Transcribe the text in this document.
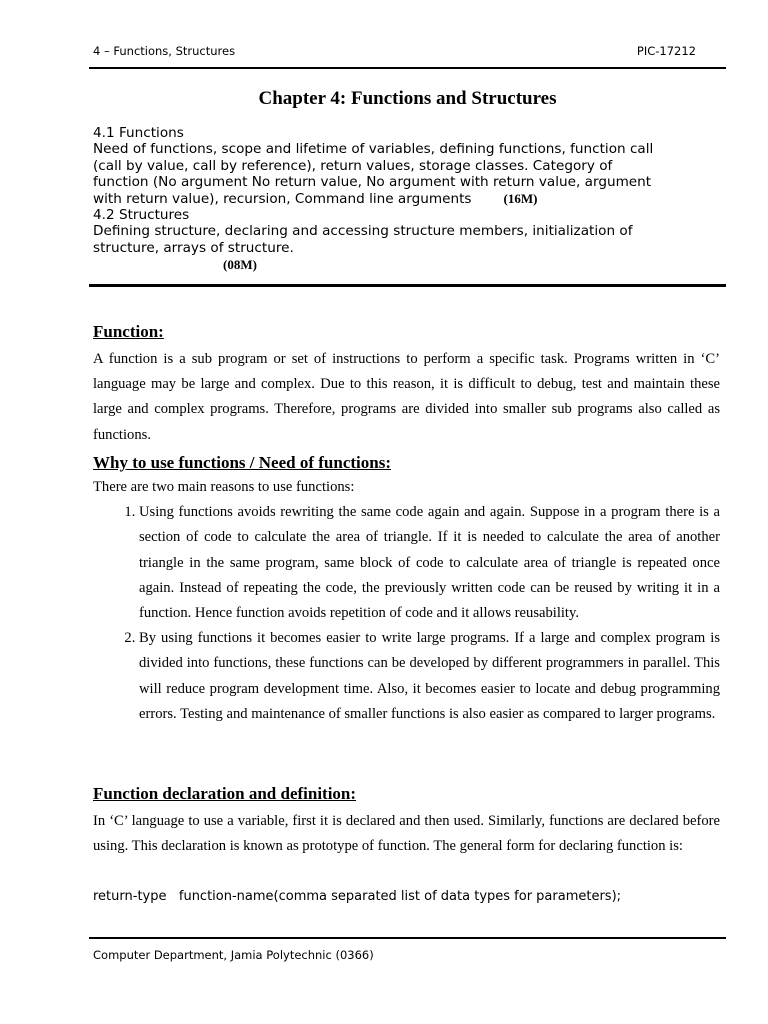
4 – Functions, Structures	PIC-17212
Chapter 4: Functions and Structures
4.1 Functions
Need of functions, scope and lifetime of variables, defining functions, function call
(call by value, call by reference), return values, storage classes. Category of
function (No argument No return value, No argument with return value, argument
with return value), recursion, Command line arguments (16M)
4.2 Structures
Defining structure, declaring and accessing structure members, initialization of
structure, arrays of structure.
(08M)
Function:

A function is a sub program or set of instructions to perform a specific task. Programs written in ‘C’ language may be large and complex. Due to this reason, it is difficult to debug, test and maintain these large and complex programs. Therefore, programs are divided into smaller sub programs also called as functions.

Why to use functions / Need of functions:

There are two main reasons to use functions:

1. Using functions avoids rewriting the same code again and again. Suppose in a program there is a section of code to calculate the area of triangle. If it is needed to calculate the area of another triangle in the same program, same block of code to calculate area of triangle is repeated once again. Instead of repeating the code, the previously written code can be reused by writing it in a function. Hence function avoids repetition of code and it allows reusability.
2. By using functions it becomes easier to write large programs. If a large and complex program is divided into functions, these functions can be developed by different programmers in parallel. This will reduce program development time. Also, it becomes easier to locate and debug programming errors. Testing and maintenance of smaller functions is also easier as compared to larger programs.
Function declaration and definition:

In ‘C’ language to use a variable, first it is declared and then used. Similarly, functions are declared before using. This declaration is known as prototype of function. The general form for declaring function is:

return-type   function-name(comma separated list of data types for parameters);
Computer Department, Jamia Polytechnic (0366)
